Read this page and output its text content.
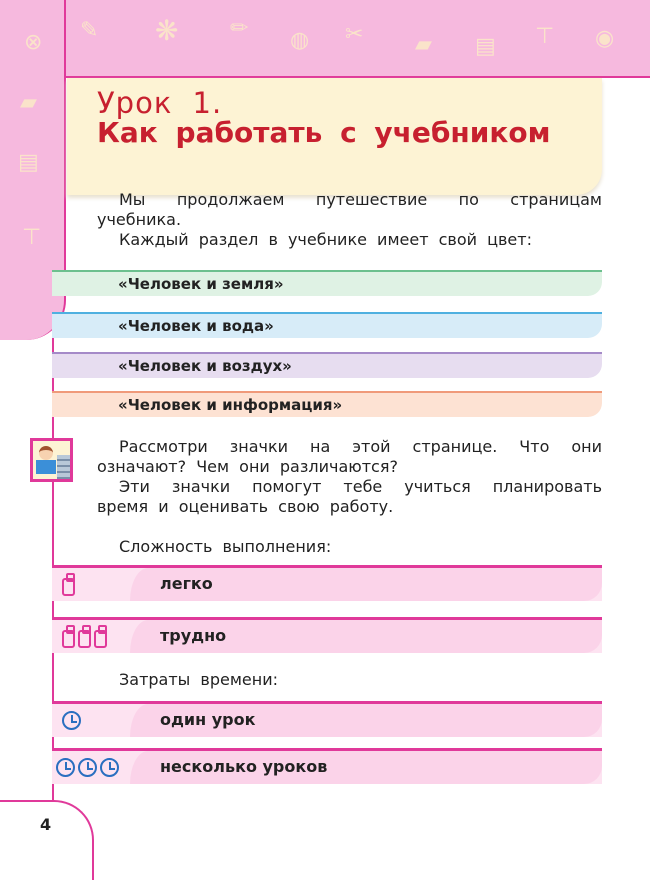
✎ ❋ ✏ ◍ ✂ ▰ ▤ ⊤ ◉
⊗
▰
▤
⊤
Урок 1.
Как работать с учебником
Мы продолжаем путешествие по страницам учебника.
Каждый раздел в учебнике имеет свой цвет:
«Человек и земля»
«Человек и вода»
«Человек и воздух»
«Человек и информация»
Рассмотри значки на этой странице. Что они означают? Чем они различаются?
Эти значки помогут тебе учиться планировать время и оценивать свою работу.
Сложность выполнения:
легко
трудно
Затраты времени:
один урок
несколько уроков
4
